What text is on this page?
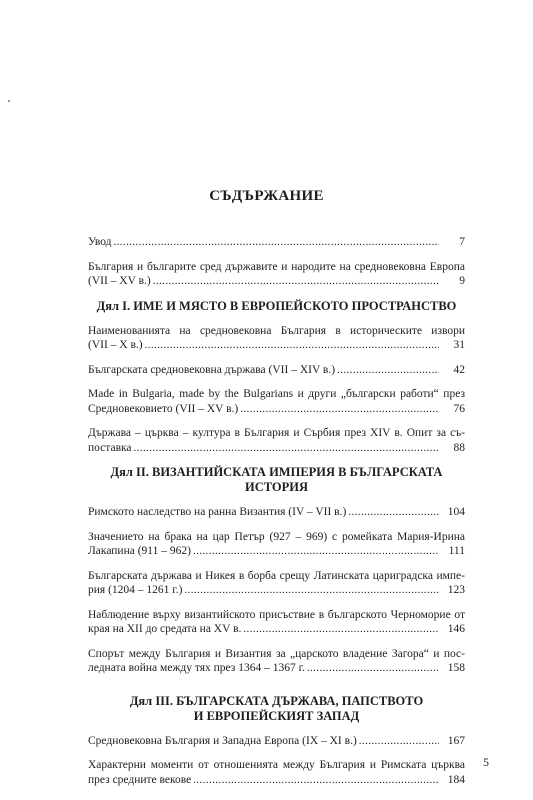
СЪДЪРЖАНИЕ
Увод .....	7
България и българите сред държавите и народите на средновековна Европа
(VII – XV в.) .....	9
Дял I. ИМЕ И МЯСТО В ЕВРОПЕЙСКОТО ПРОСТРАНСТВО
Наименованията на средновековна България в историческите извори
(VII – X в.) .....	31
Българската средновековна държава (VII – XIV в.) .....	42
Made in Bulgaria, made by the Bulgarians и други „български работи“ през
Средновековието (VII – XV в.) .....	76
Държава – църква – култура в България и Сърбия през XIV в. Опит за съ-
поставка .....	88
Дял II. ВИЗАНТИЙСКАТА ИМПЕРИЯ В БЪЛГАРСКАТА ИСТОРИЯ
Римското наследство на ранна Византия (IV – VII в.) .....	104
Значението на брака на цар Петър (927 – 969) с ромейката Мария-Ирина
Лакапина (911 – 962) .....	111
Българската държава и Никея в борба срещу Латинската цариградска импе-
рия (1204 – 1261 г.) .....	123
Наблюдение върху византийското присъствие в българското Черноморие от
края на XII до средата на XV в. .....	146
Спорът между България и Византия за „царското владение Загора“ и пос-
ледната война между тях през 1364 – 1367 г. .....	158
Дял III. БЪЛГАРСКАТА ДЪРЖАВА, ПАПСТВОТО
И ЕВРОПЕЙСКИЯТ ЗАПАД
Средновековна България и Западна Европа (IX – XI в.) .....	167
Характерни моменти от отношенията между България и Римската църква
през средните векове .....	184
5
